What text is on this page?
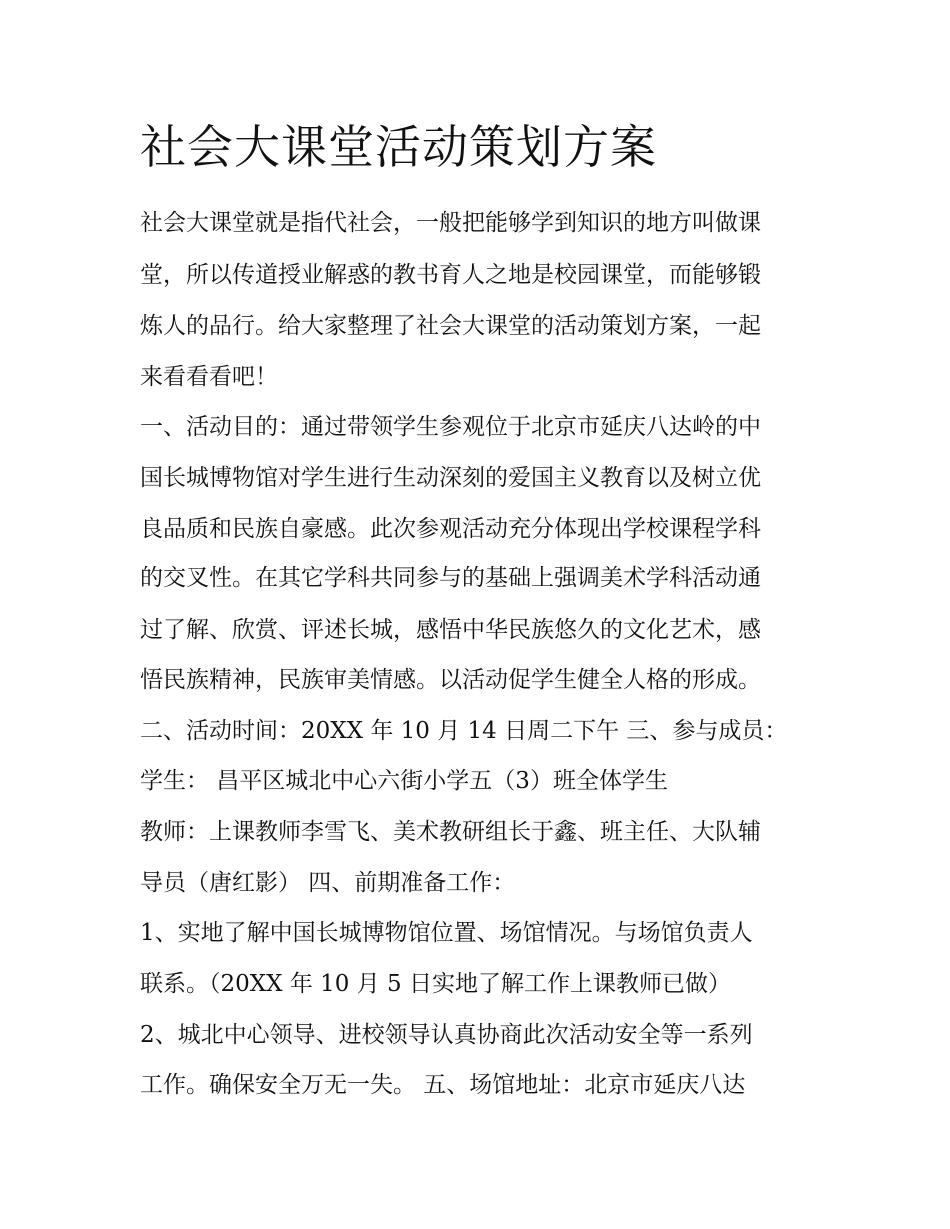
社会大课堂活动策划方案

社会大课堂就是指代社会，一般把能够学到知识的地方叫做课

堂，所以传道授业解惑的教书育人之地是校园课堂，而能够锻

炼人的品行。给大家整理了社会大课堂的活动策划方案，一起

来看看看吧！

一、活动目的：通过带领学生参观位于北京市延庆八达岭的中

国长城博物馆对学生进行生动深刻的爱国主义教育以及树立优

良品质和民族自豪感。此次参观活动充分体现出学校课程学科

的交叉性。在其它学科共同参与的基础上强调美术学科活动通

过了解、欣赏、评述长城，感悟中华民族悠久的文化艺术，感

悟民族精神，民族审美情感。以活动促学生健全人格的形成。

二、活动时间：20XX 年 10 月 14 日周二下午 三、参与成员：

学生： 昌平区城北中心六街小学五（3）班全体学生

教师：上课教师李雪飞、美术教研组长于鑫、班主任、大队辅

导员（唐红影） 四、前期准备工作：

1、实地了解中国长城博物馆位置、场馆情况。与场馆负责人

联系。（20XX 年 10 月 5 日实地了解工作上课教师已做）

2、城北中心领导、进校领导认真协商此次活动安全等一系列

工作。确保安全万无一失。 五、场馆地址：北京市延庆八达
